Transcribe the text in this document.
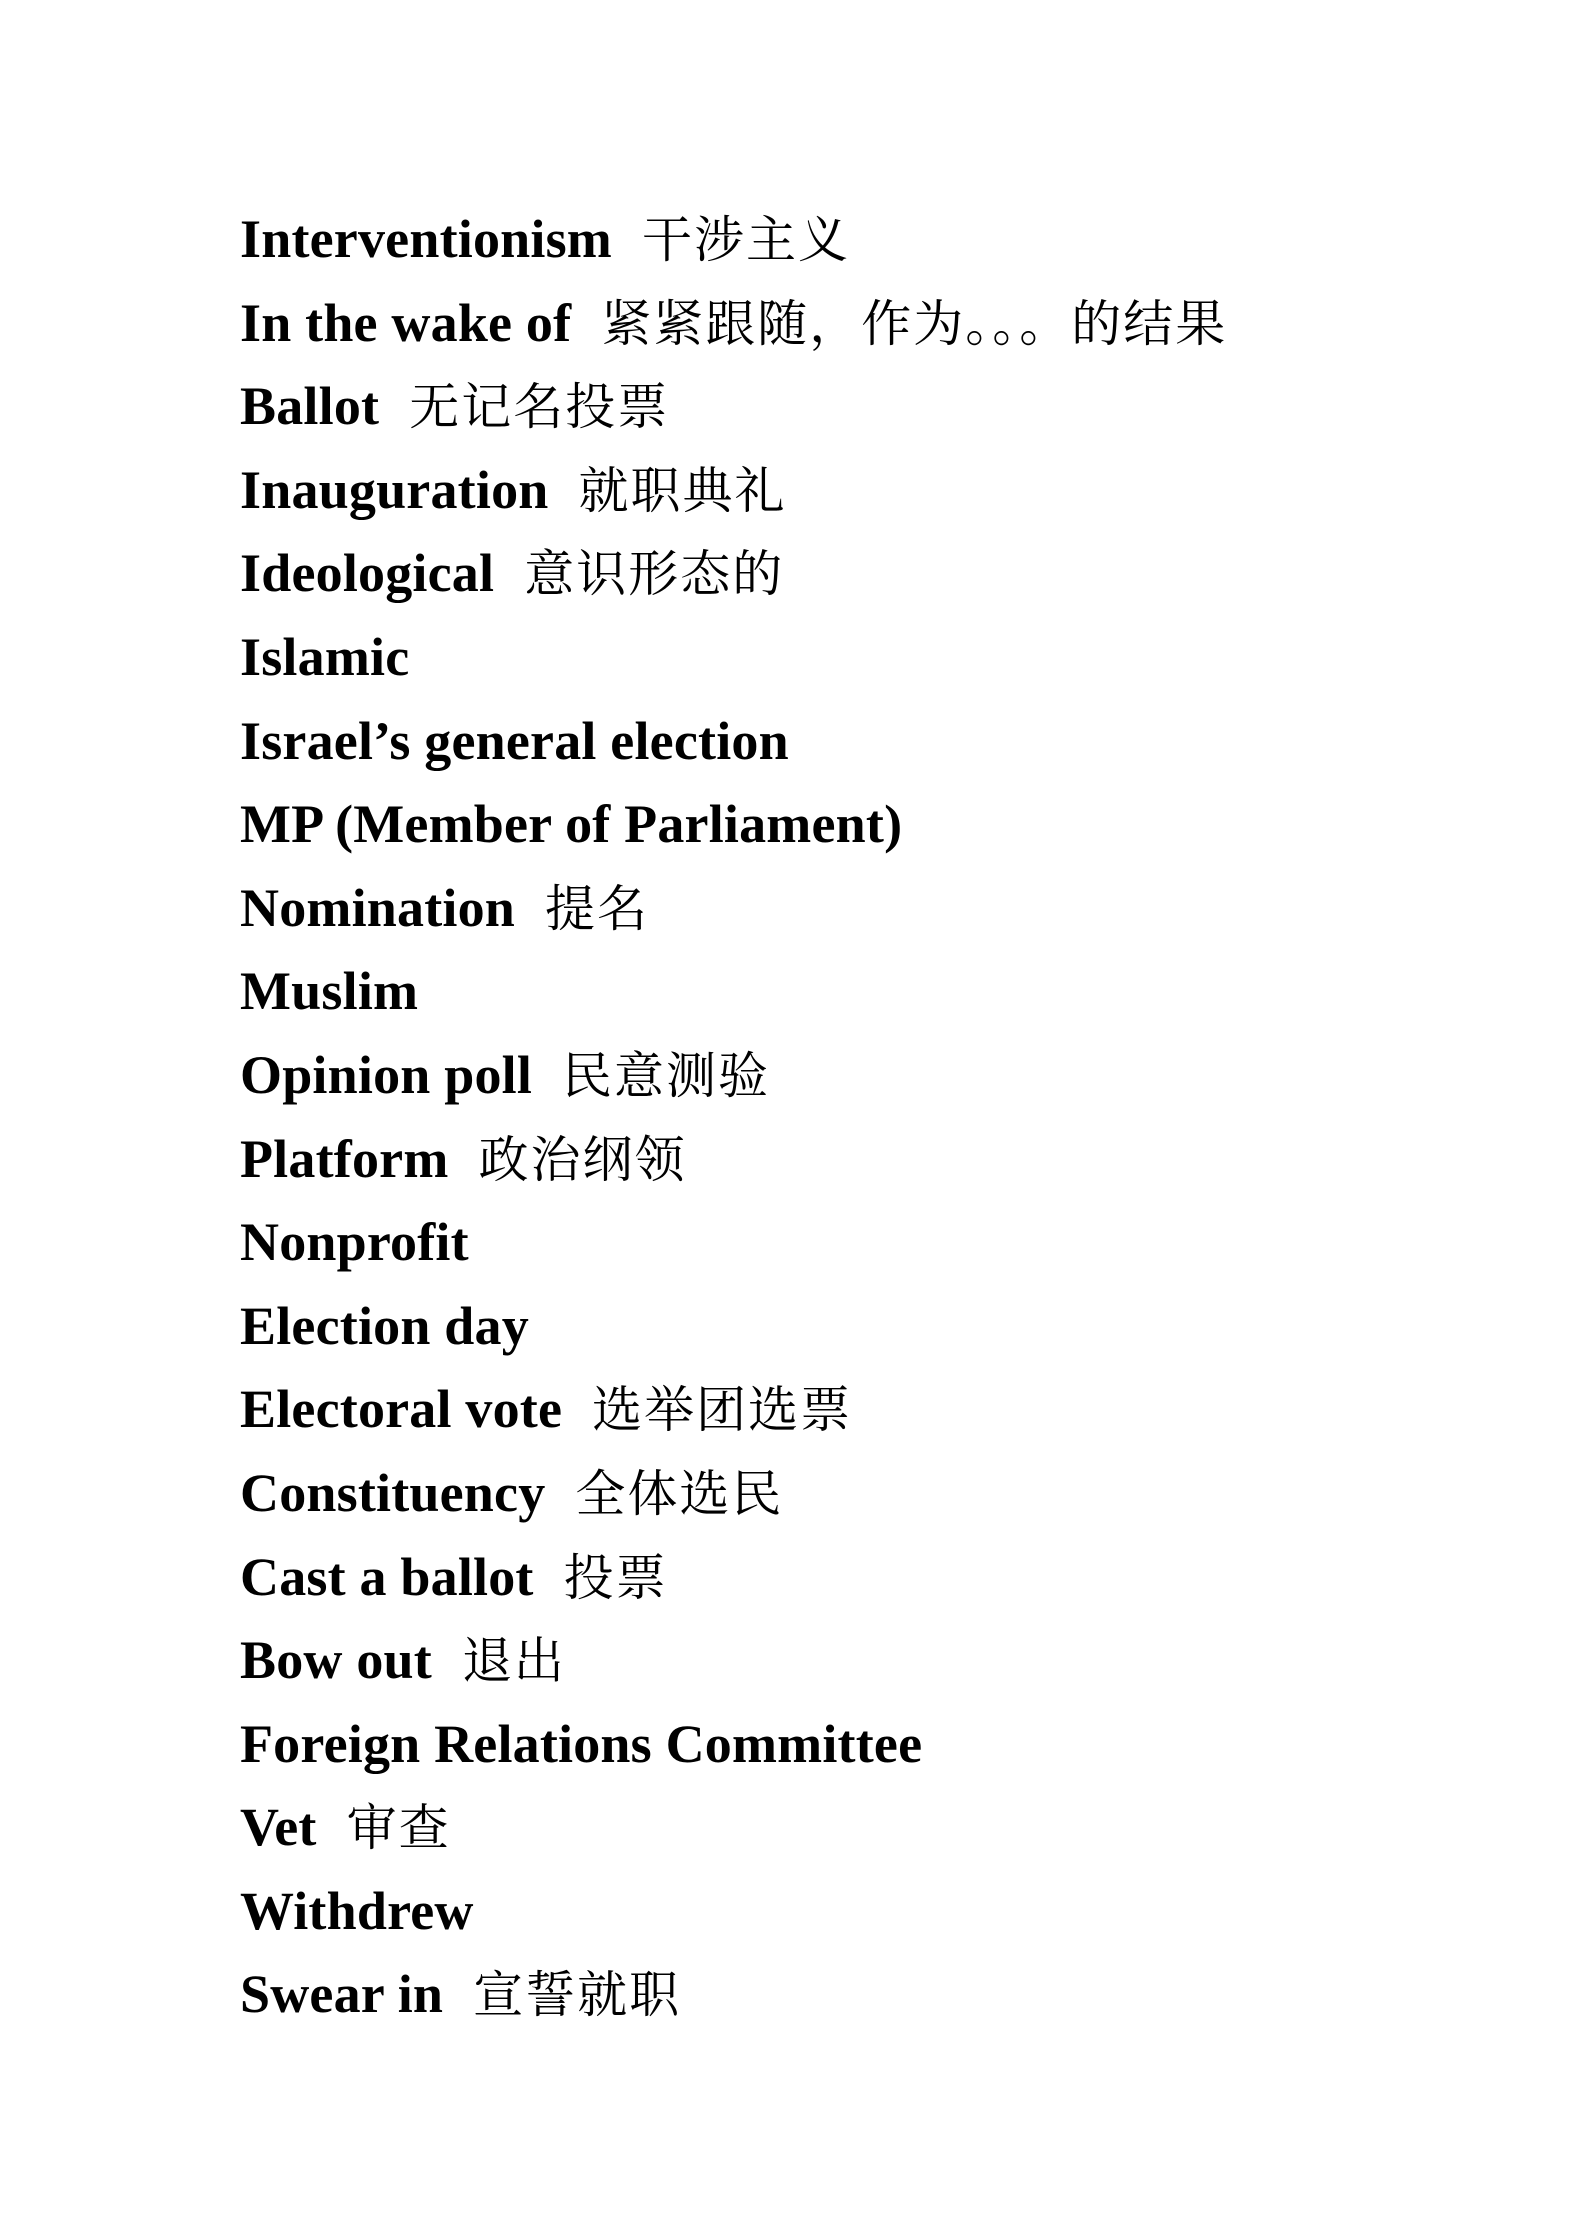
Interventionism 干涉主义
In the wake of 紧紧跟随，作为。。。的结果
Ballot 无记名投票
Inauguration 就职典礼
Ideological 意识形态的
Islamic
Israel’s general election
MP (Member of Parliament)
Nomination 提名
Muslim
Opinion poll 民意测验
Platform 政治纲领
Nonprofit
Election day
Electoral vote 选举团选票
Constituency 全体选民
Cast a ballot 投票
Bow out 退出
Foreign Relations Committee
Vet 审查
Withdrew
Swear in 宣誓就职
